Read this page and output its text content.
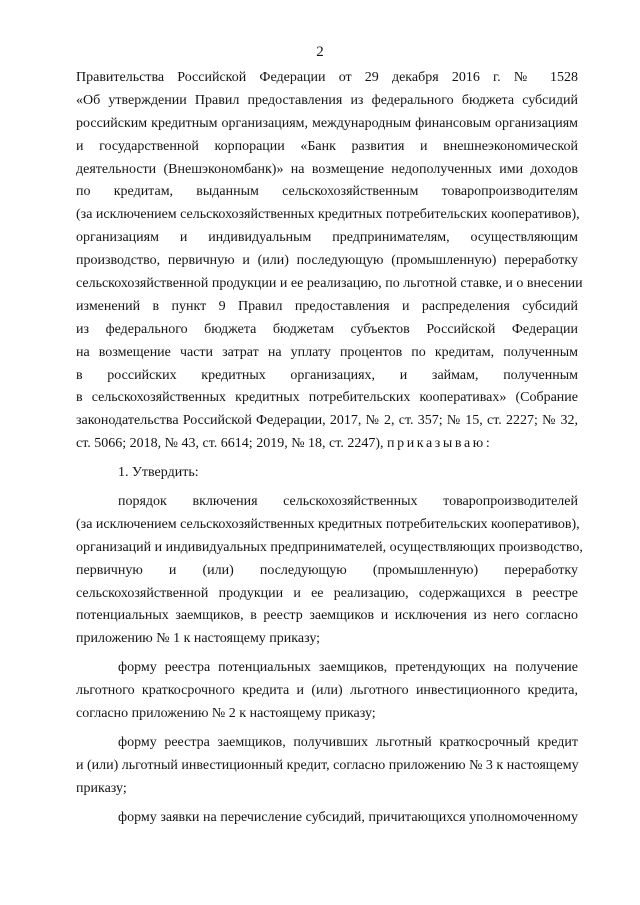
2
Правительства Российской Федерации от 29 декабря 2016 г. № 1528
«Об утверждении Правил предоставления из федерального бюджета субсидий
российским кредитным организациям, международным финансовым организациям
и государственной корпорации «Банк развития и внешнеэкономической
деятельности (Внешэкономбанк)» на возмещение недополученных ими доходов
по кредитам, выданным сельскохозяйственным товаропроизводителям
(за исключением сельскохозяйственных кредитных потребительских кооперативов),
организациям и индивидуальным предпринимателям, осуществляющим
производство, первичную и (или) последующую (промышленную) переработку
сельскохозяйственной продукции и ее реализацию, по льготной ставке, и о внесении
изменений в пункт 9 Правил предоставления и распределения субсидий
из федерального бюджета бюджетам субъектов Российской Федерации
на возмещение части затрат на уплату процентов по кредитам, полученным
в российских кредитных организациях, и займам, полученным
в сельскохозяйственных кредитных потребительских кооперативах» (Собрание
законодательства Российской Федерации, 2017, № 2, ст. 357; № 15, ст. 2227; № 32,
ст. 5066; 2018, № 43, ст. 6614; 2019, № 18, ст. 2247), приказываю:
1. Утвердить:
порядок включения сельскохозяйственных товаропроизводителей
(за исключением сельскохозяйственных кредитных потребительских кооперативов),
организаций и индивидуальных предпринимателей, осуществляющих производство,
первичную и (или) последующую (промышленную) переработку
сельскохозяйственной продукции и ее реализацию, содержащихся в реестре
потенциальных заемщиков, в реестр заемщиков и исключения из него согласно
приложению № 1 к настоящему приказу;
форму реестра потенциальных заемщиков, претендующих на получение
льготного краткосрочного кредита и (или) льготного инвестиционного кредита,
согласно приложению № 2 к настоящему приказу;
форму реестра заемщиков, получивших льготный краткосрочный кредит
и (или) льготный инвестиционный кредит, согласно приложению № 3 к настоящему
приказу;
форму заявки на перечисление субсидий, причитающихся уполномоченному
